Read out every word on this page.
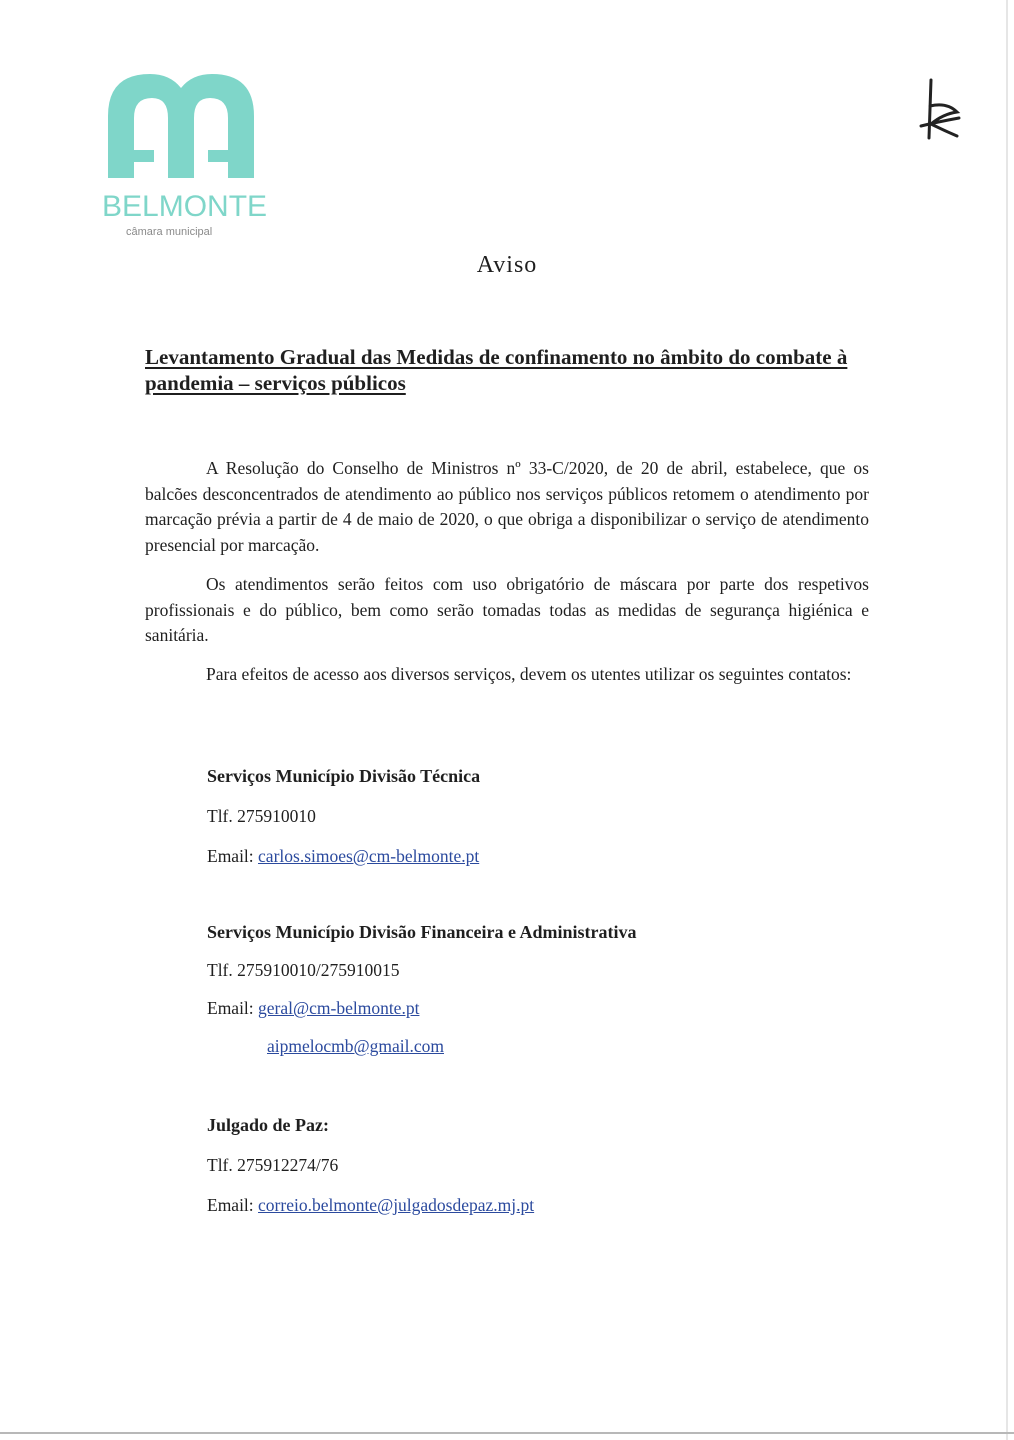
BELMONTE
câmara municipal
Aviso
Levantamento Gradual das Medidas de confinamento no âmbito do combate à pandemia – serviços públicos

A Resolução do Conselho de Ministros nº 33-C/2020, de 20 de abril, estabelece, que os balcões desconcentrados de atendimento ao público nos serviços públicos retomem o atendimento por marcação prévia a partir de 4 de maio de 2020, o que obriga a disponibilizar o serviço de atendimento presencial por marcação.

Os atendimentos serão feitos com uso obrigatório de máscara por parte dos respetivos profissionais e do público, bem como serão tomadas todas as medidas de segurança higiénica e sanitária.

Para efeitos de acesso aos diversos serviços, devem os utentes utilizar os seguintes contatos:

Serviços Município Divisão Técnica
Tlf. 275910010
Email: carlos.simoes@cm-belmonte.pt
Serviços Município Divisão Financeira e Administrativa
Tlf. 275910010/275910015
Email: geral@cm-belmonte.pt
aipmelocmb@gmail.com
Julgado de Paz:
Tlf. 275912274/76
Email: correio.belmonte@julgadosdepaz.mj.pt
